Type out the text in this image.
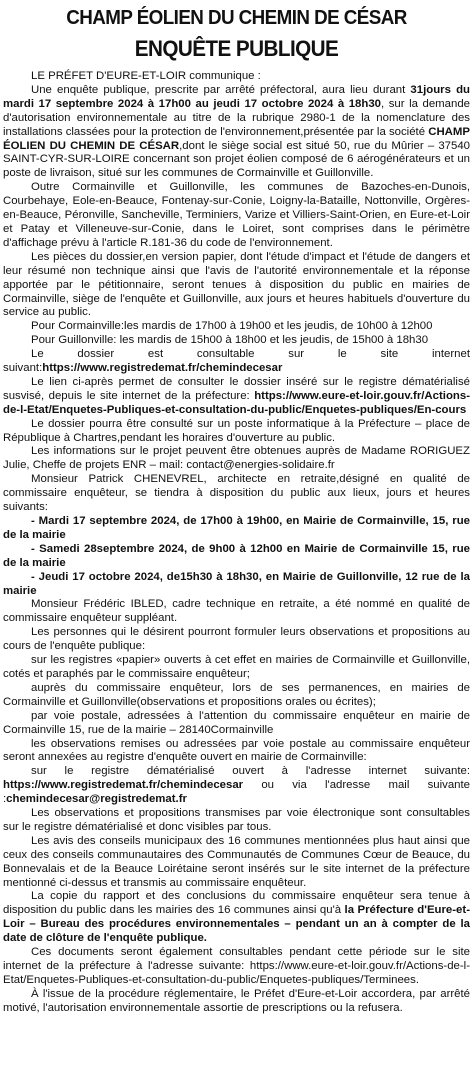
CHAMP ÉOLIEN DU CHEMIN DE CÉSAR
ENQUÊTE PUBLIQUE

LE PRÉFET D'EURE-ET-LOIR communique :

Une enquête publique, prescrite par arrêté préfectoral, aura lieu durant 31jours du mardi 17 septembre 2024 à 17h00 au jeudi 17 octobre 2024 à 18h30, sur la demande d'autorisation environnementale au titre de la rubrique 2980-1 de la nomenclature des installations classées pour la protection de l'environnement,présentée par la société CHAMP ÉOLIEN DU CHEMIN DE CÉSAR,dont le siège social est situé 50, rue du Mûrier – 37540 SAINT-CYR-SUR-LOIRE concernant son projet éolien composé de 6 aérogénérateurs et un poste de livraison, situé sur les communes de Cormainville et Guillonville.

Outre Cormainville et Guillonville, les communes de Bazoches-en-Dunois, Courbehaye, Eole-en-Beauce, Fontenay-sur-Conie, Loigny-la-Bataille, Nottonville, Orgères-en-Beauce, Péronville, Sancheville, Terminiers, Varize et Villiers-Saint-Orien, en Eure-et-Loir et Patay et Villeneuve-sur-Conie, dans le Loiret, sont comprises dans le périmètre d'affichage prévu à l'article R.181-36 du code de l'environnement.

Les pièces du dossier,en version papier, dont l'étude d'impact et l'étude de dangers et leur résumé non technique ainsi que l'avis de l'autorité environnementale et la réponse apportée par le pétitionnaire, seront tenues à disposition du public en mairies de Cormainville, siège de l'enquête et Guillonville, aux jours et heures habituels d'ouverture du service au public.

Pour Cormainville:les mardis de 17h00 à 19h00 et les jeudis, de 10h00 à 12h00

Pour Guillonville: les mardis de 15h00 à 18h00 et les jeudis, de 15h00 à 18h30

Le dossier est consultable sur le site internet suivant:https://www.registredemat.fr/chemindecesar

Le lien ci-après permet de consulter le dossier inséré sur le registre dématérialisé susvisé, depuis le site internet de la préfecture: https://www.eure-et-loir.gouv.fr/Actions-de-l-Etat/Enquetes-Publiques-et-consultation-du-public/Enquetes-publiques/En-cours

Le dossier pourra être consulté sur un poste informatique à la Préfecture – place de République à Chartres,pendant les horaires d'ouverture au public.

Les informations sur le projet peuvent être obtenues auprès de Madame RORIGUEZ Julie, Cheffe de projets ENR – mail: contact@energies-solidaire.fr

Monsieur Patrick CHENEVREL, architecte en retraite,désigné en qualité de commissaire enquêteur, se tiendra à disposition du public aux lieux, jours et heures suivants:

- Mardi 17 septembre 2024, de 17h00 à 19h00, en Mairie de Cormainville, 15, rue de la mairie

- Samedi 28septembre 2024, de 9h00 à 12h00 en Mairie de Cormainville 15, rue de la mairie

- Jeudi 17 octobre 2024, de15h30 à 18h30, en Mairie de Guillonville, 12 rue de la mairie

Monsieur Frédéric IBLED, cadre technique en retraite, a été nommé en qualité de commissaire enquêteur suppléant.

Les personnes qui le désirent pourront formuler leurs observations et propositions au cours de l'enquête publique:

sur les registres «papier» ouverts à cet effet en mairies de Cormainville et Guillonville, cotés et paraphés par le commissaire enquêteur;

auprès du commissaire enquêteur, lors de ses permanences, en mairies de Cormainville et Guillonville(observations et propositions orales ou écrites);

par voie postale, adressées à l'attention du commissaire enquêteur en mairie de Cormainville 15, rue de la mairie – 28140Cormainville

les observations remises ou adressées par voie postale au commissaire enquêteur seront annexées au registre d'enquête ouvert en mairie de Cormainville:

sur le registre dématérialisé ouvert à l'adresse internet suivante: https://www.registredemat.fr/chemindecesar ou via l'adresse mail suivante :chemindecesar@registredemat.fr

Les observations et propositions transmises par voie électronique sont consultables sur le registre dématérialisé et donc visibles par tous.

Les avis des conseils municipaux des 16 communes mentionnées plus haut ainsi que ceux des conseils communautaires des Communautés de Communes Cœur de Beauce, du Bonnevalais et de la Beauce Loirétaine seront insérés sur le site internet de la préfecture mentionné ci-dessus et transmis au commissaire enquêteur.

La copie du rapport et des conclusions du commissaire enquêteur sera tenue à disposition du public dans les mairies des 16 communes ainsi qu'à la Préfecture d'Eure-et-Loir – Bureau des procédures environnementales – pendant un an à compter de la date de clôture de l'enquête publique.

Ces documents seront également consultables pendant cette période sur le site internet de la préfecture à l'adresse suivante: https://www.eure-et-loir.gouv.fr/Actions-de-l-Etat/Enquetes-Publiques-et-consultation-du-public/Enquetes-publiques/Terminees.

À l'issue de la procédure réglementaire, le Préfet d'Eure-et-Loir accordera, par arrêté motivé, l'autorisation environnementale assortie de prescriptions ou la refusera.
